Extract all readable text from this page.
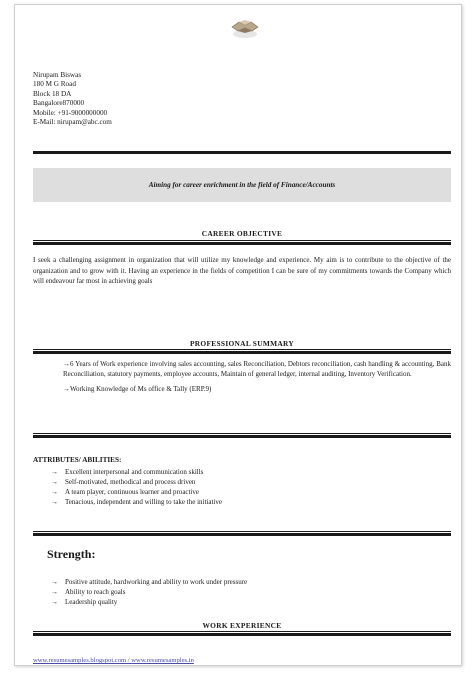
Nirupam Biswas
180 M G Road
Block 18 DA
Bangalore870000
Mobile: +91-9000000000
E-Mail: nirupam@abc.com
Aiming for career enrichment in the field of Finance/Accounts
CAREER OBJECTIVE
I seek a challenging assignment in organization that will utilize my knowledge and experience. My aim is to contribute to the objective of the organization and to grow with it. Having an experience in the fields of competition I can be sure of my commitments towards the Company which will endeavour far most in achieving goals
PROFESSIONAL SUMMARY

→6 Years of Work experience involving sales accounting, sales Reconciliation, Debtors reconciliation, cash handling & accounting, Bank Reconciliation, statutory payments, employee accounts, Maintain of general ledger, internal auditing, Inventory Verification.

→Working Knowledge of Ms office & Tally (ERP.9)

ATTRIBUTES/ ABILITIES:
→ Excellent interpersonal and communication skills
→ Self-motivated, methodical and process driven
→ A team player, continuous learner and proactive
→ Tenacious, independent and willing to take the initiative
Strength:
→ Positive attitude, hardworking and ability to work under pressure
→ Ability to reach goals
→ Leadership quality
WORK EXPERIENCE
www.resumesamples.blogspot.com / www.resumesamples.in
